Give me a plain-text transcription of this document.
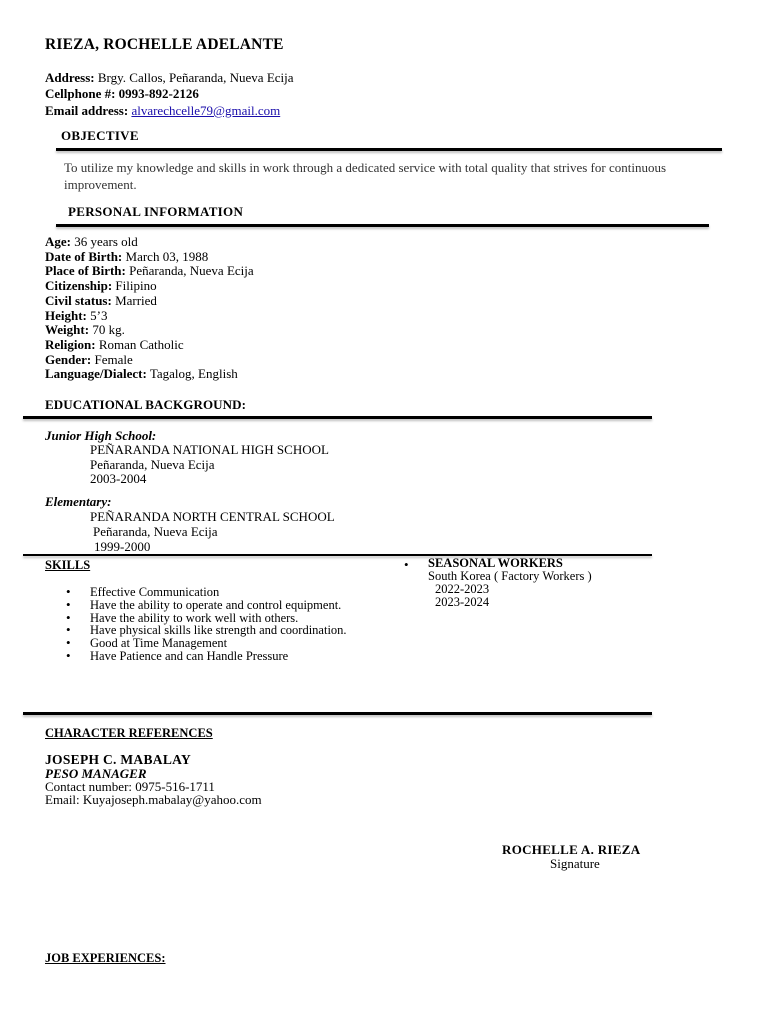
RIEZA, ROCHELLE ADELANTE
Address: Brgy. Callos, Peñaranda, Nueva Ecija
Cellphone #: 0993-892-2126
Email address: alvarechcelle79@gmail.com
OBJECTIVE
To utilize my knowledge and skills in work through a dedicated service with total quality that strives for continuous improvement.
PERSONAL INFORMATION
Age: 36 years old
Date of Birth: March 03, 1988
Place of Birth: Peñaranda, Nueva Ecija
Citizenship: Filipino
Civil status: Married
Height: 5’3
Weight: 70 kg.
Religion: Roman Catholic
Gender: Female
Language/Dialect: Tagalog, English
EDUCATIONAL BACKGROUND:
Junior High School:
PEÑARANDA NATIONAL HIGH SCHOOL
Peñaranda, Nueva Ecija
2003-2004
Elementary:
PEÑARANDA NORTH CENTRAL SCHOOL
Peñaranda, Nueva Ecija
1999-2000
SKILLS
• Effective Communication
• Have the ability to operate and control equipment.
• Have the ability to work well with others.
• Have physical skills like strength and coordination.
• Good at Time Management
• Have Patience and can Handle Pressure
• SEASONAL WORKERS
South Korea ( Factory Workers )
2022-2023
2023-2024
CHARACTER REFERENCES
JOSEPH C. MABALAY
PESO MANAGER
Contact number: 0975-516-1711
Email: Kuyajoseph.mabalay@yahoo.com
ROCHELLE A. RIEZA
Signature
JOB EXPERIENCES:
